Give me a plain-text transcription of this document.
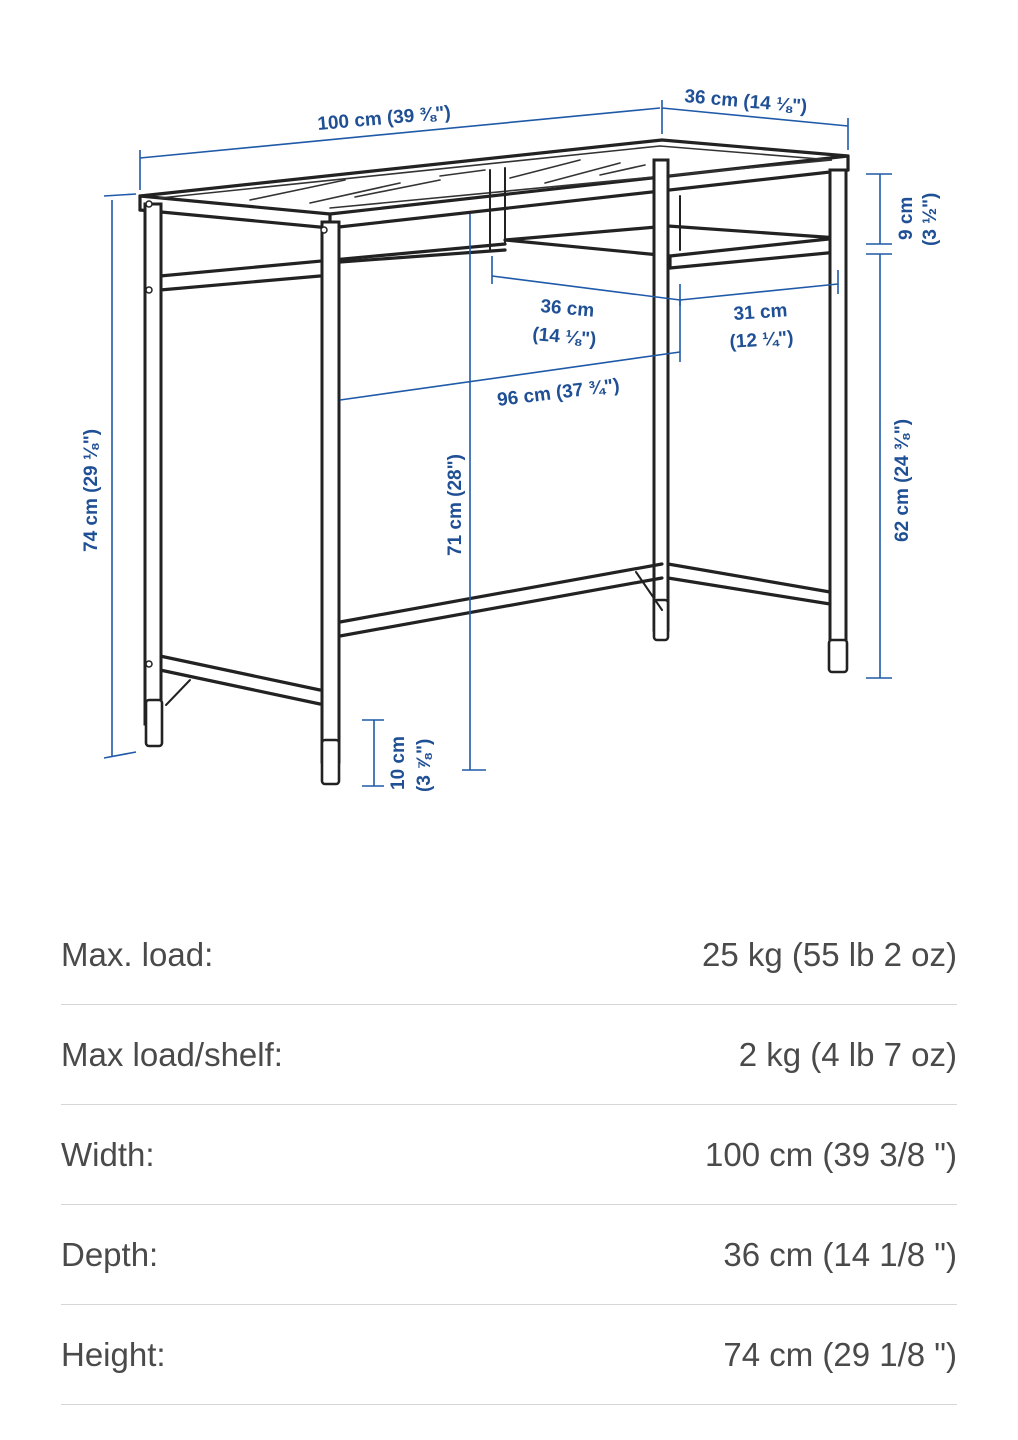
100 cm (39 ⅜")
36 cm (14 ⅛")
9 cm (3 ½")
36 cm
(14 ⅛")
31 cm
(12 ¼")
96 cm (37 ¾")
74 cm (29 ⅛")	71 cm (28")	62 cm (24 ⅜")
10 cm (3 ⅞")
Max. load:	25 kg (55 lb 2 oz)
Max load/shelf:	2 kg (4 lb 7 oz)
Width:	100 cm (39 3/8 ")
Depth:	36 cm (14 1/8 ")
Height:	74 cm (29 1/8 ")
